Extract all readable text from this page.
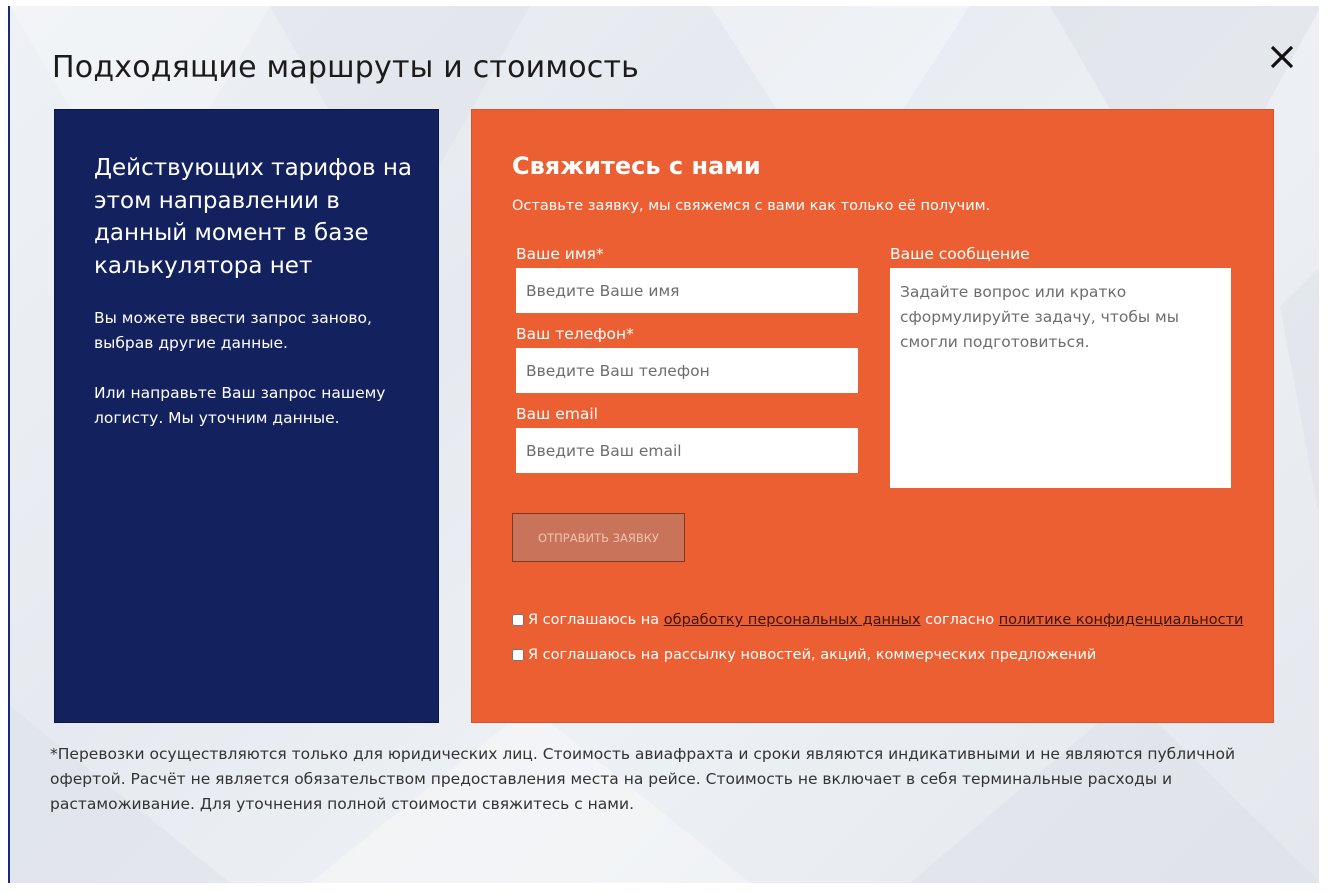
Подходящие маршруты и стоимость
Действующих тарифов на этом направлении в данный момент в базе калькулятора нет

Вы можете ввести запрос заново, выбрав другие данные.

Или направьте Ваш запрос нашему логисту. Мы уточним данные.

Свяжитесь с нами

Оставьте заявку, мы свяжемся с вами как только её получим.

Ваше имя*
Введите Ваше имя
Ваш телефон*
Введите Ваш телефон
Ваш email
Введите Ваш email
Ваше сообщение
Задайте вопрос или кратко сформулируйте задачу, чтобы мы смогли подготовиться.
ОТПРАВИТЬ ЗАЯВКУ
Я соглашаюсь на обработку персональных данных согласно политике конфиденциальности
Я соглашаюсь на рассылку новостей, акций, коммерческих предложений

*Перевозки осуществляются только для юридических лиц. Стоимость авиафрахта и сроки являются индикативными и не являются публичной офертой. Расчёт не является обязательством предоставления места на рейсе. Стоимость не включает в себя терминальные расходы и растаможивание. Для уточнения полной стоимости свяжитесь с нами.
